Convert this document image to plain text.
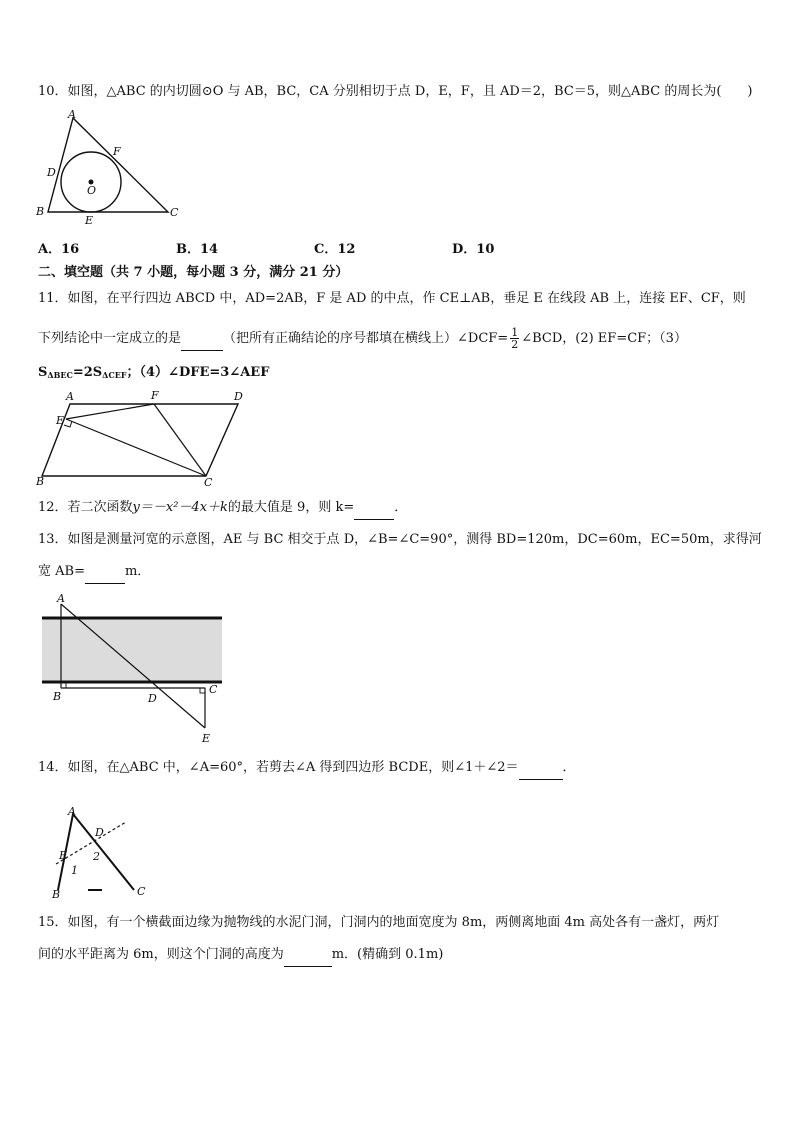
10．如图，△ABC 的内切圆⊙O 与 AB，BC，CA 分别相切于点 D，E，F，且 AD＝2，BC＝5，则△ABC 的周长为(　　)
A
B	C
D
E
F
O
A．16	B．14	C．12	D．10
二、填空题（共 7 小题，每小题 3 分，满分 21 分）
11．如图，在平行四边 ABCD 中，AD=2AB，F 是 AD 的中点，作 CE⊥AB，垂足 E 在线段 AB 上，连接 EF、CF，则
下列结论中一定成立的是	（把所有正确结论的序号都填在横线上）∠DCF= $\frac{1}{2}$ ∠BCD，(2) EF=CF；（3）
$S_{\Delta BEC}=2S_{\Delta CEF}$；（4）∠DFE=3∠AEF
A
B	C
D
E
F
12．若二次函数y＝－x²－4x＋k的最大值是 9，则 k=	．
13．如图是测量河宽的示意图，AE 与 BC 相交于点 D，∠B=∠C=90°，测得 BD=120m，DC=60m，EC=50m，求得河
宽 AB=	m．
A
B
C
D
E
14．如图，在△ABC 中，∠A=60°，若剪去∠A 得到四边形 BCDE，则∠1＋∠2＝	．
A
B	C
D
E
1
2
15．如图，有一个横截面边缘为抛物线的水泥门洞，门洞内的地面宽度为 8m，两侧离地面 4m 高处各有一盏灯，两灯
间的水平距离为 6m，则这个门洞的高度为	m．(精确到 0.1m)
